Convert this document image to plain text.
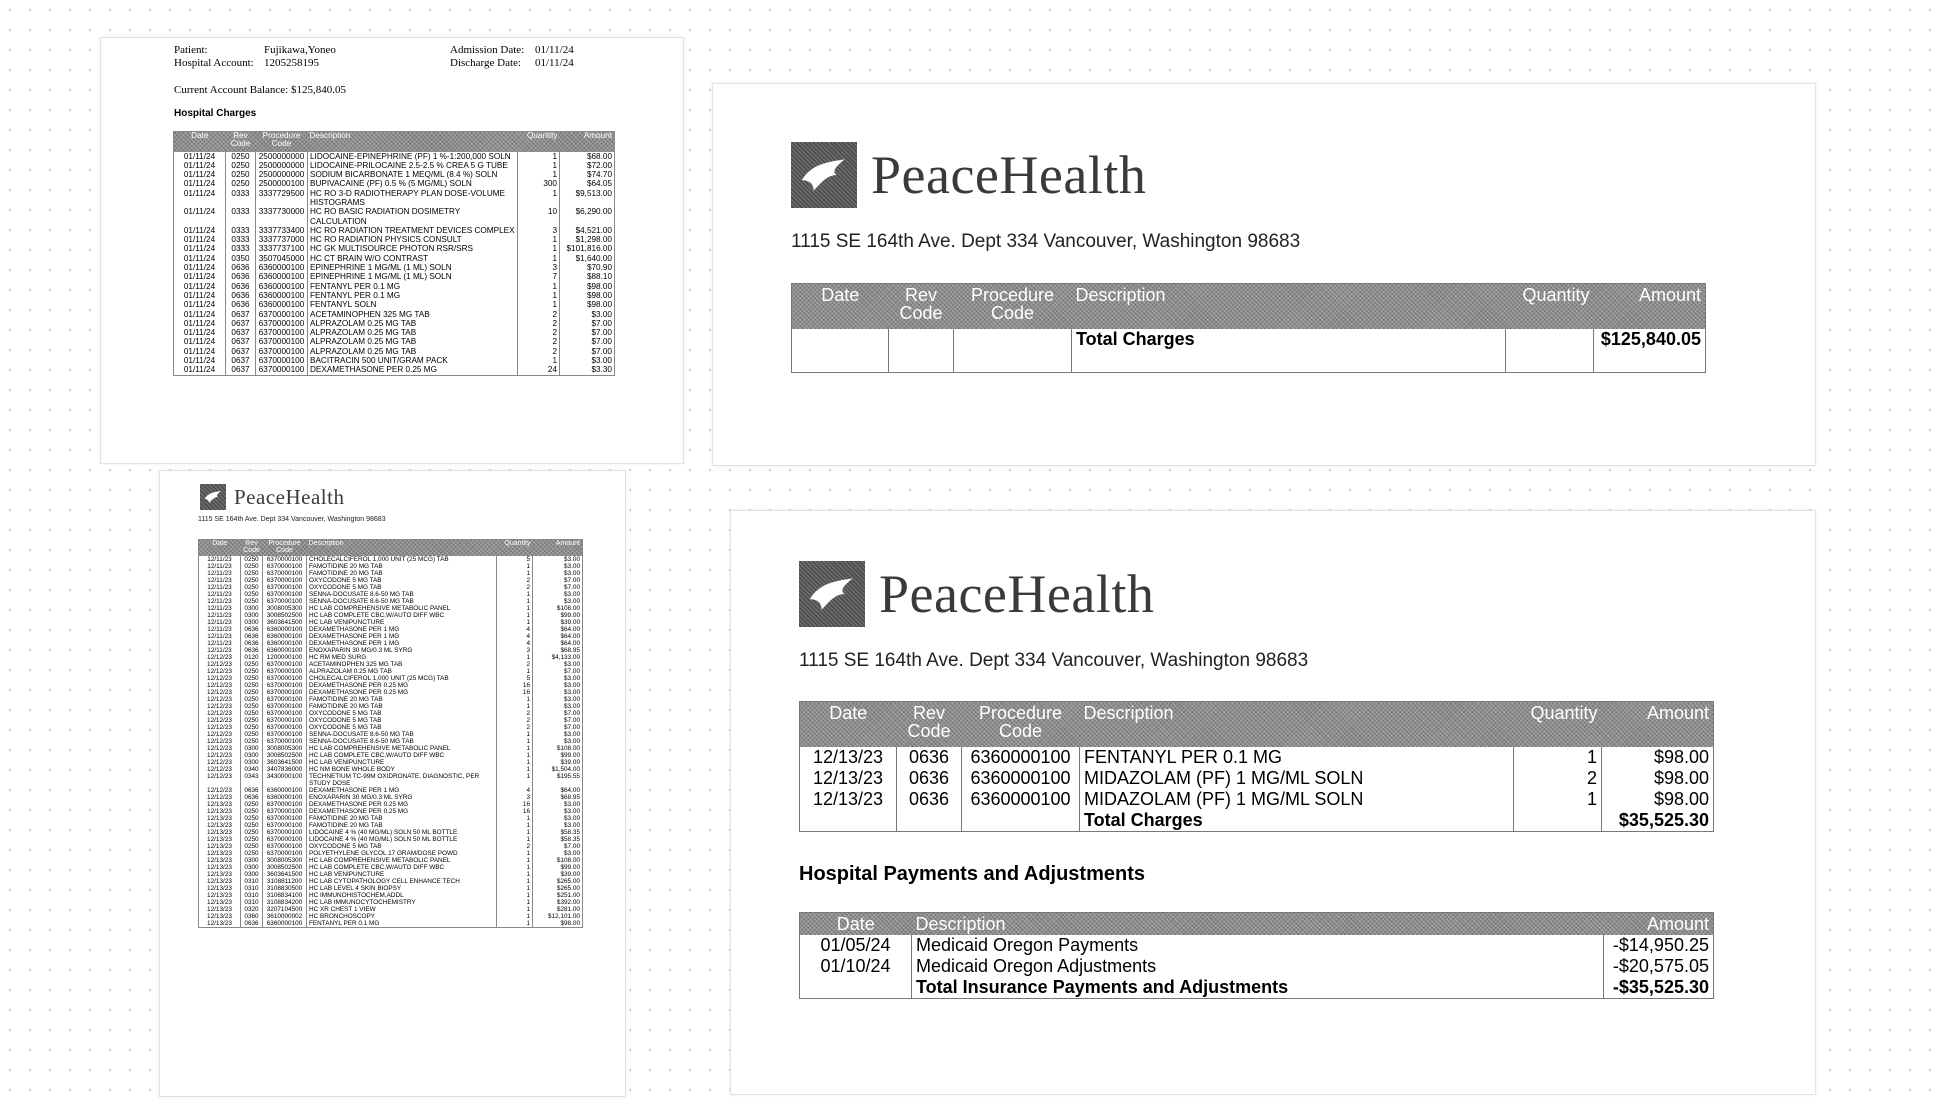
Patient:	Fujikawa,Yoneo
Hospital Account: 1205258195
Admission Date: 01/11/24
Discharge Date: 01/11/24
Current Account Balance: $125,840.05
Hospital Charges
Date	Rev Code	Procedure Code	Description	Quantity	Amount
01/11/24	0250	2500000000	LIDOCAINE-EPINEPHRINE (PF) 1 %-1:200,000 SOLN	1	$68.00
01/11/24	0250	2500000000	LIDOCAINE-PRILOCAINE 2.5-2.5 % CREA 5 G TUBE	1	$72.00
01/11/24	0250	2500000000	SODIUM BICARBONATE 1 MEQ/ML (8.4 %) SOLN	1	$74.70
01/11/24	0250	2500000100	BUPIVACAINE (PF) 0.5 % (5 MG/ML) SOLN	300	$64.05
01/11/24	0333	3337729500	HC RO 3-D RADIOTHERAPY PLAN DOSE-VOLUME HISTOGRAMS	1	$9,513.00
01/11/24	0333	3337730000	HC RO BASIC RADIATION DOSIMETRY CALCULATION	10	$6,290.00
01/11/24	0333	3337733400	HC RO RADIATION TREATMENT DEVICES COMPLEX	3	$4,521.00
01/11/24	0333	3337737000	HC RO RADIATION PHYSICS CONSULT	1	$1,298.00
01/11/24	0333	3337737100	HC GK MULTISOURCE PHOTON RSR/SRS	1	$101,816.00
01/11/24	0350	3507045000	HC CT BRAIN W/O CONTRAST	1	$1,640.00
01/11/24	0636	6360000100	EPINEPHRINE 1 MG/ML (1 ML) SOLN	3	$70.90
01/11/24	0636	6360000100	EPINEPHRINE 1 MG/ML (1 ML) SOLN	7	$88.10
01/11/24	0636	6360000100	FENTANYL PER 0.1 MG	1	$98.00
01/11/24	0636	6360000100	FENTANYL PER 0.1 MG	1	$98.00
01/11/24	0636	6360000100	FENTANYL SOLN	1	$98.00
01/11/24	0637	6370000100	ACETAMINOPHEN 325 MG TAB	2	$3.00
01/11/24	0637	6370000100	ALPRAZOLAM 0.25 MG TAB	2	$7.00
01/11/24	0637	6370000100	ALPRAZOLAM 0.25 MG TAB	2	$7.00
01/11/24	0637	6370000100	ALPRAZOLAM 0.25 MG TAB	2	$7.00
01/11/24	0637	6370000100	ALPRAZOLAM 0.25 MG TAB	2	$7.00
01/11/24	0637	6370000100	BACITRACIN 500 UNIT/GRAM PACK	1	$3.00
01/11/24	0637	6370000100	DEXAMETHASONE PER 0.25 MG	24	$3.30
PeaceHealth
1115 SE 164th Ave. Dept 334 Vancouver, Washington 98683
Date	Rev Code	Procedure Code	Description	Quantity	Amount
12/11/23	0250	6370000100	CHOLECALCIFEROL 1,000 UNIT (25 MCG) TAB	5	$3.00
12/11/23	0250	6370000100	FAMOTIDINE 20 MG TAB	1	$3.00
12/11/23	0250	6370000100	FAMOTIDINE 20 MG TAB	1	$3.00
12/11/23	0250	6370000100	OXYCODONE 5 MG TAB	2	$7.00
12/11/23	0250	6370000100	OXYCODONE 5 MG TAB	2	$7.00
12/11/23	0250	6370000100	SENNA-DOCUSATE 8.6-50 MG TAB	1	$3.00
12/11/23	0250	6370000100	SENNA-DOCUSATE 8.6-50 MG TAB	1	$3.00
12/11/23	0300	3008005300	HC LAB COMPREHENSIVE METABOLIC PANEL	1	$108.00
12/11/23	0300	3008502500	HC LAB COMPLETE CBC,W/AUTO DIFF WBC	1	$99.00
12/11/23	0300	3603641500	HC LAB VENIPUNCTURE	1	$39.00
12/11/23	0636	6360000100	DEXAMETHASONE PER 1 MG	4	$64.00
12/11/23	0636	6360000100	DEXAMETHASONE PER 1 MG	4	$64.00
12/11/23	0636	6360000100	DEXAMETHASONE PER 1 MG	4	$64.00
12/11/23	0636	6360000100	ENOXAPARIN 30 MG/0.3 ML SYRG	3	$68.95
12/12/23	0120	1200000100	HC RM MED SURG	1	$4,133.00
12/12/23	0250	6370000100	ACETAMINOPHEN 325 MG TAB	2	$3.00
12/12/23	0250	6370000100	ALPRAZOLAM 0.25 MG TAB	1	$7.00
12/12/23	0250	6370000100	CHOLECALCIFEROL 1,000 UNIT (25 MCG) TAB	5	$3.00
12/12/23	0250	6370000100	DEXAMETHASONE PER 0.25 MG	16	$3.00
12/12/23	0250	6370000100	DEXAMETHASONE PER 0.25 MG	16	$3.00
12/12/23	0250	6370000100	FAMOTIDINE 20 MG TAB	1	$3.00
12/12/23	0250	6370000100	FAMOTIDINE 20 MG TAB	1	$3.00
12/12/23	0250	6370000100	OXYCODONE 5 MG TAB	2	$7.00
12/12/23	0250	6370000100	OXYCODONE 5 MG TAB	2	$7.00
12/12/23	0250	6370000100	OXYCODONE 5 MG TAB	2	$7.00
12/12/23	0250	6370000100	SENNA-DOCUSATE 8.6-50 MG TAB	1	$3.00
12/12/23	0250	6370000100	SENNA-DOCUSATE 8.6-50 MG TAB	1	$3.00
12/12/23	0300	3008005300	HC LAB COMPREHENSIVE METABOLIC PANEL	1	$108.00
12/12/23	0300	3008502500	HC LAB COMPLETE CBC,W/AUTO DIFF WBC	1	$99.00
12/12/23	0300	3603641500	HC LAB VENIPUNCTURE	1	$39.00
12/12/23	0340	3407836000	HC NM BONE WHOLE BODY	1	$1,504.00
12/12/23	0343	3430000100	TECHNETIUM TC-99M OXIDRONATE, DIAGNOSTIC, PER STUDY DOSE	1	$195.55
12/12/23	0636	6360000100	DEXAMETHASONE PER 1 MG	4	$64.00
12/12/23	0636	6360000100	ENOXAPARIN 30 MG/0.3 ML SYRG	3	$68.95
12/13/23	0250	6370000100	DEXAMETHASONE PER 0.25 MG	16	$3.00
12/13/23	0250	6370000100	DEXAMETHASONE PER 0.25 MG	16	$3.00
12/13/23	0250	6370000100	FAMOTIDINE 20 MG TAB	1	$3.00
12/13/23	0250	6370000100	FAMOTIDINE 20 MG TAB	1	$3.00
12/13/23	0250	6370000100	LIDOCAINE 4 % (40 MG/ML) SOLN 50 ML BOTTLE	1	$58.35
12/13/23	0250	6370000100	LIDOCAINE 4 % (40 MG/ML) SOLN 50 ML BOTTLE	1	$58.35
12/13/23	0250	6370000100	OXYCODONE 5 MG TAB	2	$7.00
12/13/23	0250	6370000100	POLYETHYLENE GLYCOL 17 GRAM/DOSE POWD	1	$3.00
12/13/23	0300	3008005300	HC LAB COMPREHENSIVE METABOLIC PANEL	1	$108.00
12/13/23	0300	3008502500	HC LAB COMPLETE CBC,W/AUTO DIFF WBC	1	$99.00
12/13/23	0300	3603641500	HC LAB VENIPUNCTURE	1	$39.00
12/13/23	0310	3108811200	HC LAB CYTOPATHOLOGY CELL ENHANCE TECH	1	$265.00
12/13/23	0310	3108830500	HC LAB LEVEL 4 SKIN BIOPSY	1	$265.00
12/13/23	0310	3108834100	HC IMMUNOHISTOCHEM,ADDL	1	$251.00
12/13/23	0310	3108834200	HC LAB IMMUNOCYTOCHEMISTRY	1	$392.00
12/13/23	0320	3207104500	HC XR CHEST 1 VIEW	1	$281.00
12/13/23	0360	3610000002	HC BRONCHOSCOPY	1	$12,101.00
12/13/23	0636	6360000100	FENTANYL PER 0.1 MG	1	$98.00
PeaceHealth
1115 SE 164th Ave. Dept 334 Vancouver, Washington 98683
Date	Rev Code	Procedure Code	Description	Quantity	Amount
			Total Charges		$125,840.05
PeaceHealth
1115 SE 164th Ave. Dept 334 Vancouver, Washington 98683
Date	Rev Code	Procedure Code	Description	Quantity	Amount
12/13/23	0636	6360000100	FENTANYL PER 0.1 MG	1	$98.00
12/13/23	0636	6360000100	MIDAZOLAM (PF) 1 MG/ML SOLN	2	$98.00
12/13/23	0636	6360000100	MIDAZOLAM (PF) 1 MG/ML SOLN	1	$98.00
			Total Charges		$35,525.30
Hospital Payments and Adjustments
Date	Description	Amount
01/05/24	Medicaid Oregon Payments	-$14,950.25
01/10/24	Medicaid Oregon Adjustments	-$20,575.05
	Total Insurance Payments and Adjustments	-$35,525.30
